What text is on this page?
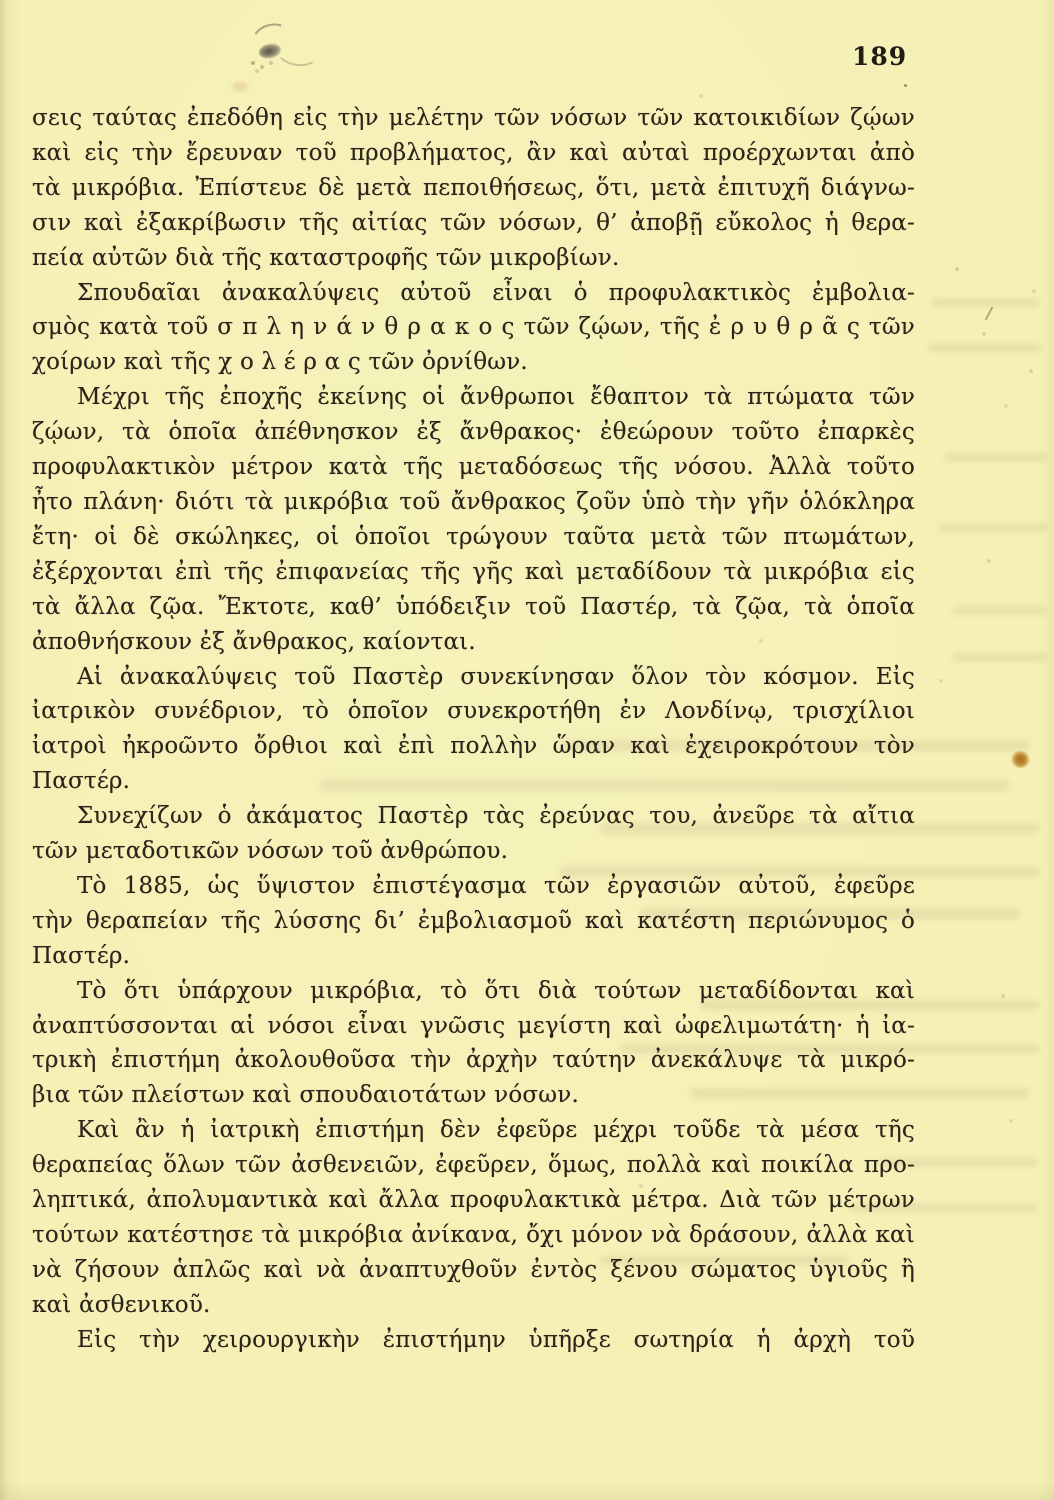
189
σεις ταύτας ἐπεδόθη εἰς τὴν μελέτην τῶν νόσων τῶν κατοικιδίων ζῴων
καὶ εἰς τὴν ἔρευναν τοῦ προβλήματος, ἂν καὶ αὐταὶ προέρχωνται ἀπὸ
τὰ μικρόβια. Ἐπίστευε δὲ μετὰ πεποιθήσεως, ὅτι, μετὰ ἐπιτυχῆ διάγνω-
σιν καὶ ἐξακρίβωσιν τῆς αἰτίας τῶν νόσων, θ’ ἀποβῇ εὔκολος ἡ θερα-
πεία αὐτῶν διὰ τῆς καταστροφῆς τῶν μικροβίων.
Σπουδαῖαι ἀνακαλύψεις αὐτοῦ εἶναι ὁ προφυλακτικὸς ἐμβολια-
σμὸς κατὰ τοῦ σ π λ η ν ά ν θ ρ α κ ο ς τῶν ζῴων, τῆς ἐ ρ υ θ ρ ᾶ ς τῶν
χοίρων καὶ τῆς χ ο λ έ ρ α ς τῶν ὀρνίθων.
Μέχρι τῆς ἐποχῆς ἐκείνης οἱ ἄνθρωποι ἔθαπτον τὰ πτώματα τῶν
ζῴων, τὰ ὁποῖα ἀπέθνησκον ἐξ ἄνθρακος· ἐθεώρουν τοῦτο ἐπαρκὲς
προφυλακτικὸν μέτρον κατὰ τῆς μεταδόσεως τῆς νόσου. Ἀλλὰ τοῦτο
ἦτο πλάνη· διότι τὰ μικρόβια τοῦ ἄνθρακος ζοῦν ὑπὸ τὴν γῆν ὁλόκληρα
ἔτη· οἱ δὲ σκώληκες, οἱ ὁποῖοι τρώγουν ταῦτα μετὰ τῶν πτωμάτων,
ἐξέρχονται ἐπὶ τῆς ἐπιφανείας τῆς γῆς καὶ μεταδίδουν τὰ μικρόβια εἰς
τὰ ἄλλα ζῷα. Ἔκτοτε, καθ’ ὑπόδειξιν τοῦ Παστέρ, τὰ ζῷα, τὰ ὁποῖα
ἀποθνήσκουν ἐξ ἄνθρακος, καίονται.
Αἱ ἀνακαλύψεις τοῦ Παστὲρ συνεκίνησαν ὅλον τὸν κόσμον. Εἰς
ἰατρικὸν συνέδριον, τὸ ὁποῖον συνεκροτήθη ἐν Λονδίνῳ, τρισχίλιοι
ἰατροὶ ἠκροῶντο ὄρθιοι καὶ ἐπὶ πολλὴν ὥραν καὶ ἐχειροκρότουν τὸν
Παστέρ.
Συνεχίζων ὁ ἀκάματος Παστὲρ τὰς ἐρεύνας του, ἀνεῦρε τὰ αἴτια
τῶν μεταδοτικῶν νόσων τοῦ ἀνθρώπου.
Τὸ 1885, ὡς ὕψιστον ἐπιστέγασμα τῶν ἐργασιῶν αὐτοῦ, ἐφεῦρε
τὴν θεραπείαν τῆς λύσσης δι’ ἐμβολιασμοῦ καὶ κατέστη περιώνυμος ὁ
Παστέρ.
Τὸ ὅτι ὑπάρχουν μικρόβια, τὸ ὅτι διὰ τούτων μεταδίδονται καὶ
ἀναπτύσσονται αἱ νόσοι εἶναι γνῶσις μεγίστη καὶ ὠφελιμωτάτη· ἡ ἰα-
τρικὴ ἐπιστήμη ἀκολουθοῦσα τὴν ἀρχὴν ταύτην ἀνεκάλυψε τὰ μικρό-
βια τῶν πλείστων καὶ σπουδαιοτάτων νόσων.
Καὶ ἂν ἡ ἰατρικὴ ἐπιστήμη δὲν ἐφεῦρε μέχρι τοῦδε τὰ μέσα τῆς
θεραπείας ὅλων τῶν ἀσθενειῶν, ἐφεῦρεν, ὅμως, πολλὰ καὶ ποικίλα προ-
ληπτικά, ἀπολυμαντικὰ καὶ ἄλλα προφυλακτικὰ μέτρα. Διὰ τῶν μέτρων
τούτων κατέστησε τὰ μικρόβια ἀνίκανα, ὄχι μόνον νὰ δράσουν, ἀλλὰ καὶ
νὰ ζήσουν ἁπλῶς καὶ νὰ ἀναπτυχθοῦν ἐντὸς ξένου σώματος ὑγιοῦς ἢ
καὶ ἀσθενικοῦ.
Εἰς τὴν χειρουργικὴν ἐπιστήμην ὑπῆρξε σωτηρία ἡ ἀρχὴ τοῦ
